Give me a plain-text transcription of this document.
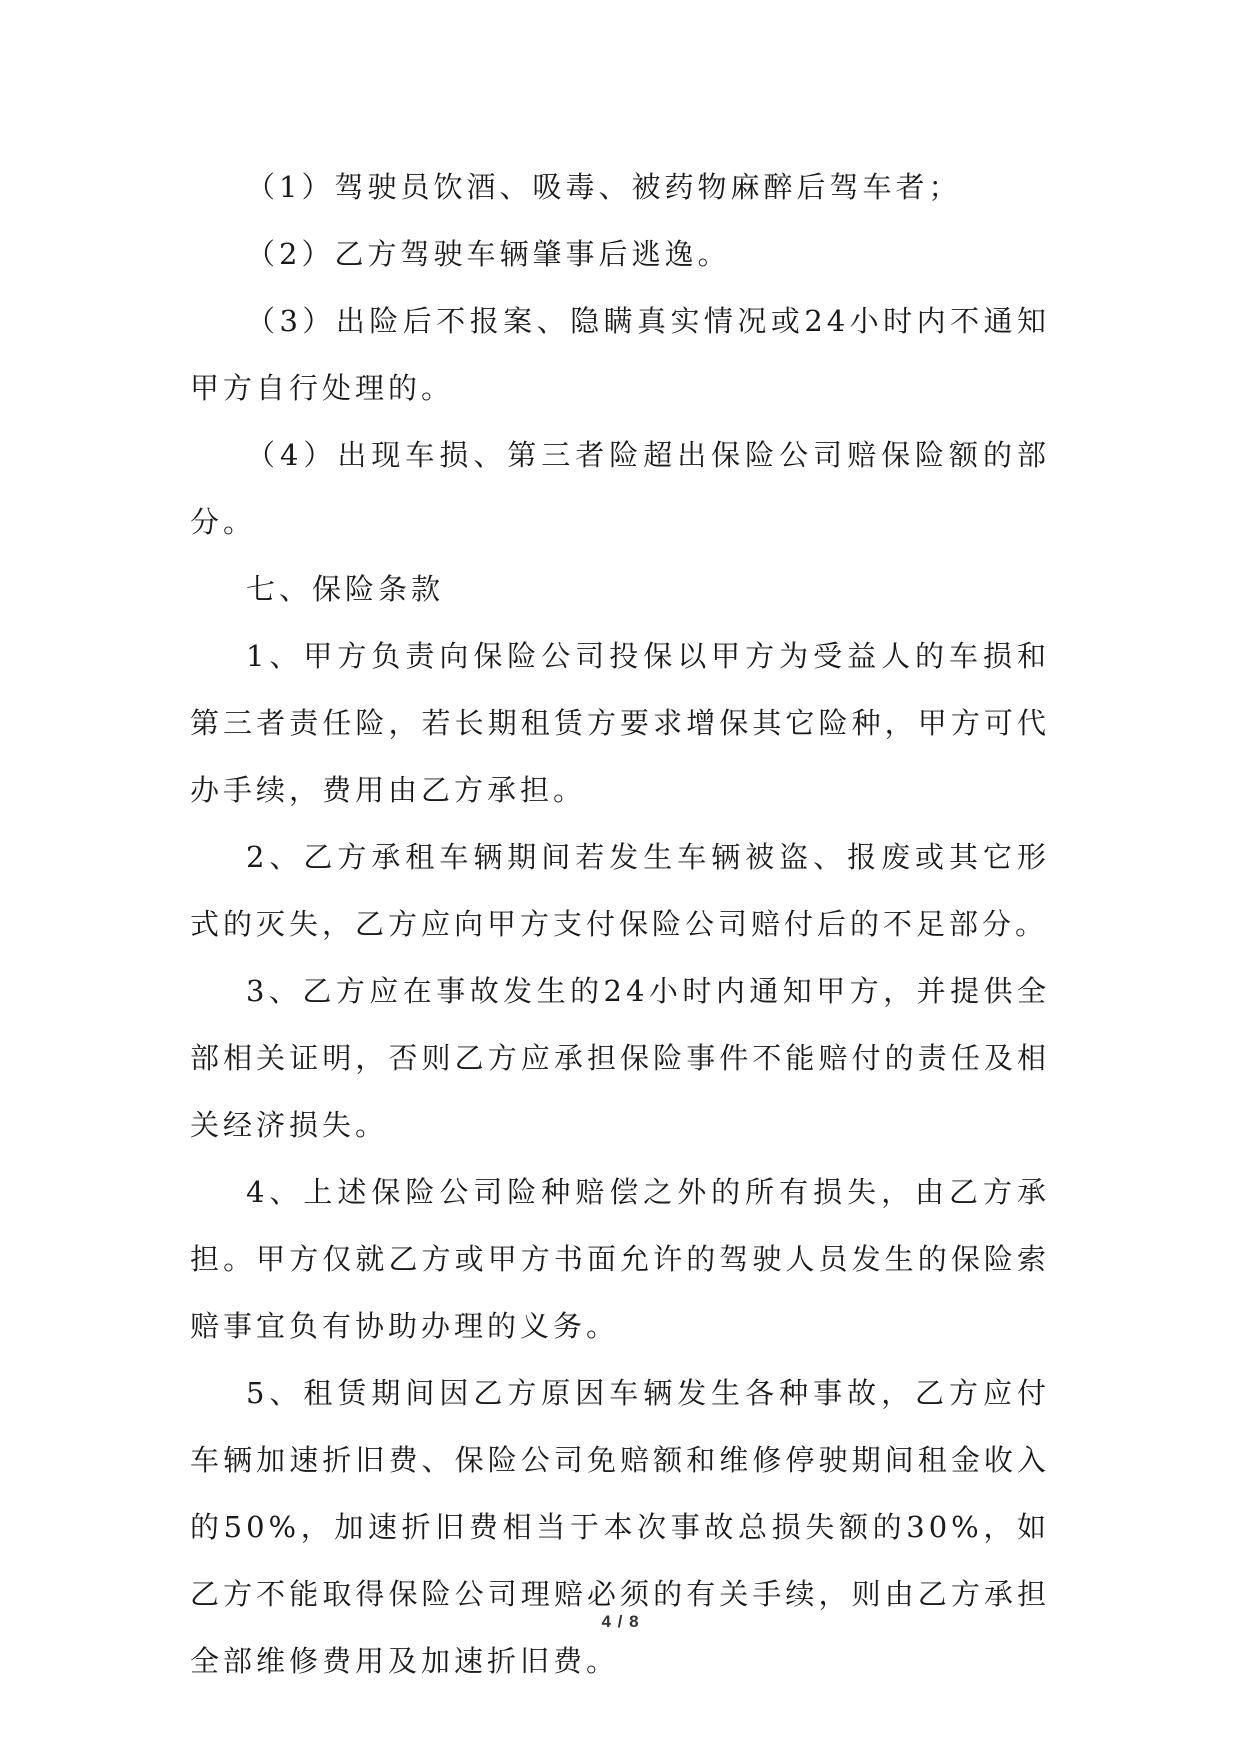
（1）驾驶员饮酒、吸毒、被药物麻醉后驾车者；

（2）乙方驾驶车辆肇事后逃逸。

（3）出险后不报案、隐瞒真实情况或24小时内不通知甲方自行处理的。

（4）出现车损、第三者险超出保险公司赔保险额的部分。

七、保险条款

1、甲方负责向保险公司投保以甲方为受益人的车损和第三者责任险，若长期租赁方要求增保其它险种，甲方可代办手续，费用由乙方承担。

2、乙方承租车辆期间若发生车辆被盗、报废或其它形式的灭失，乙方应向甲方支付保险公司赔付后的不足部分。

3、乙方应在事故发生的24小时内通知甲方，并提供全部相关证明，否则乙方应承担保险事件不能赔付的责任及相关经济损失。

4、上述保险公司险种赔偿之外的所有损失，由乙方承担。甲方仅就乙方或甲方书面允许的驾驶人员发生的保险索赔事宜负有协助办理的义务。

5、租赁期间因乙方原因车辆发生各种事故，乙方应付车辆加速折旧费、保险公司免赔额和维修停驶期间租金收入的50%，加速折旧费相当于本次事故总损失额的30%，如乙方不能取得保险公司理赔必须的有关手续，则由乙方承担全部维修费用及加速折旧费。

4 / 8
